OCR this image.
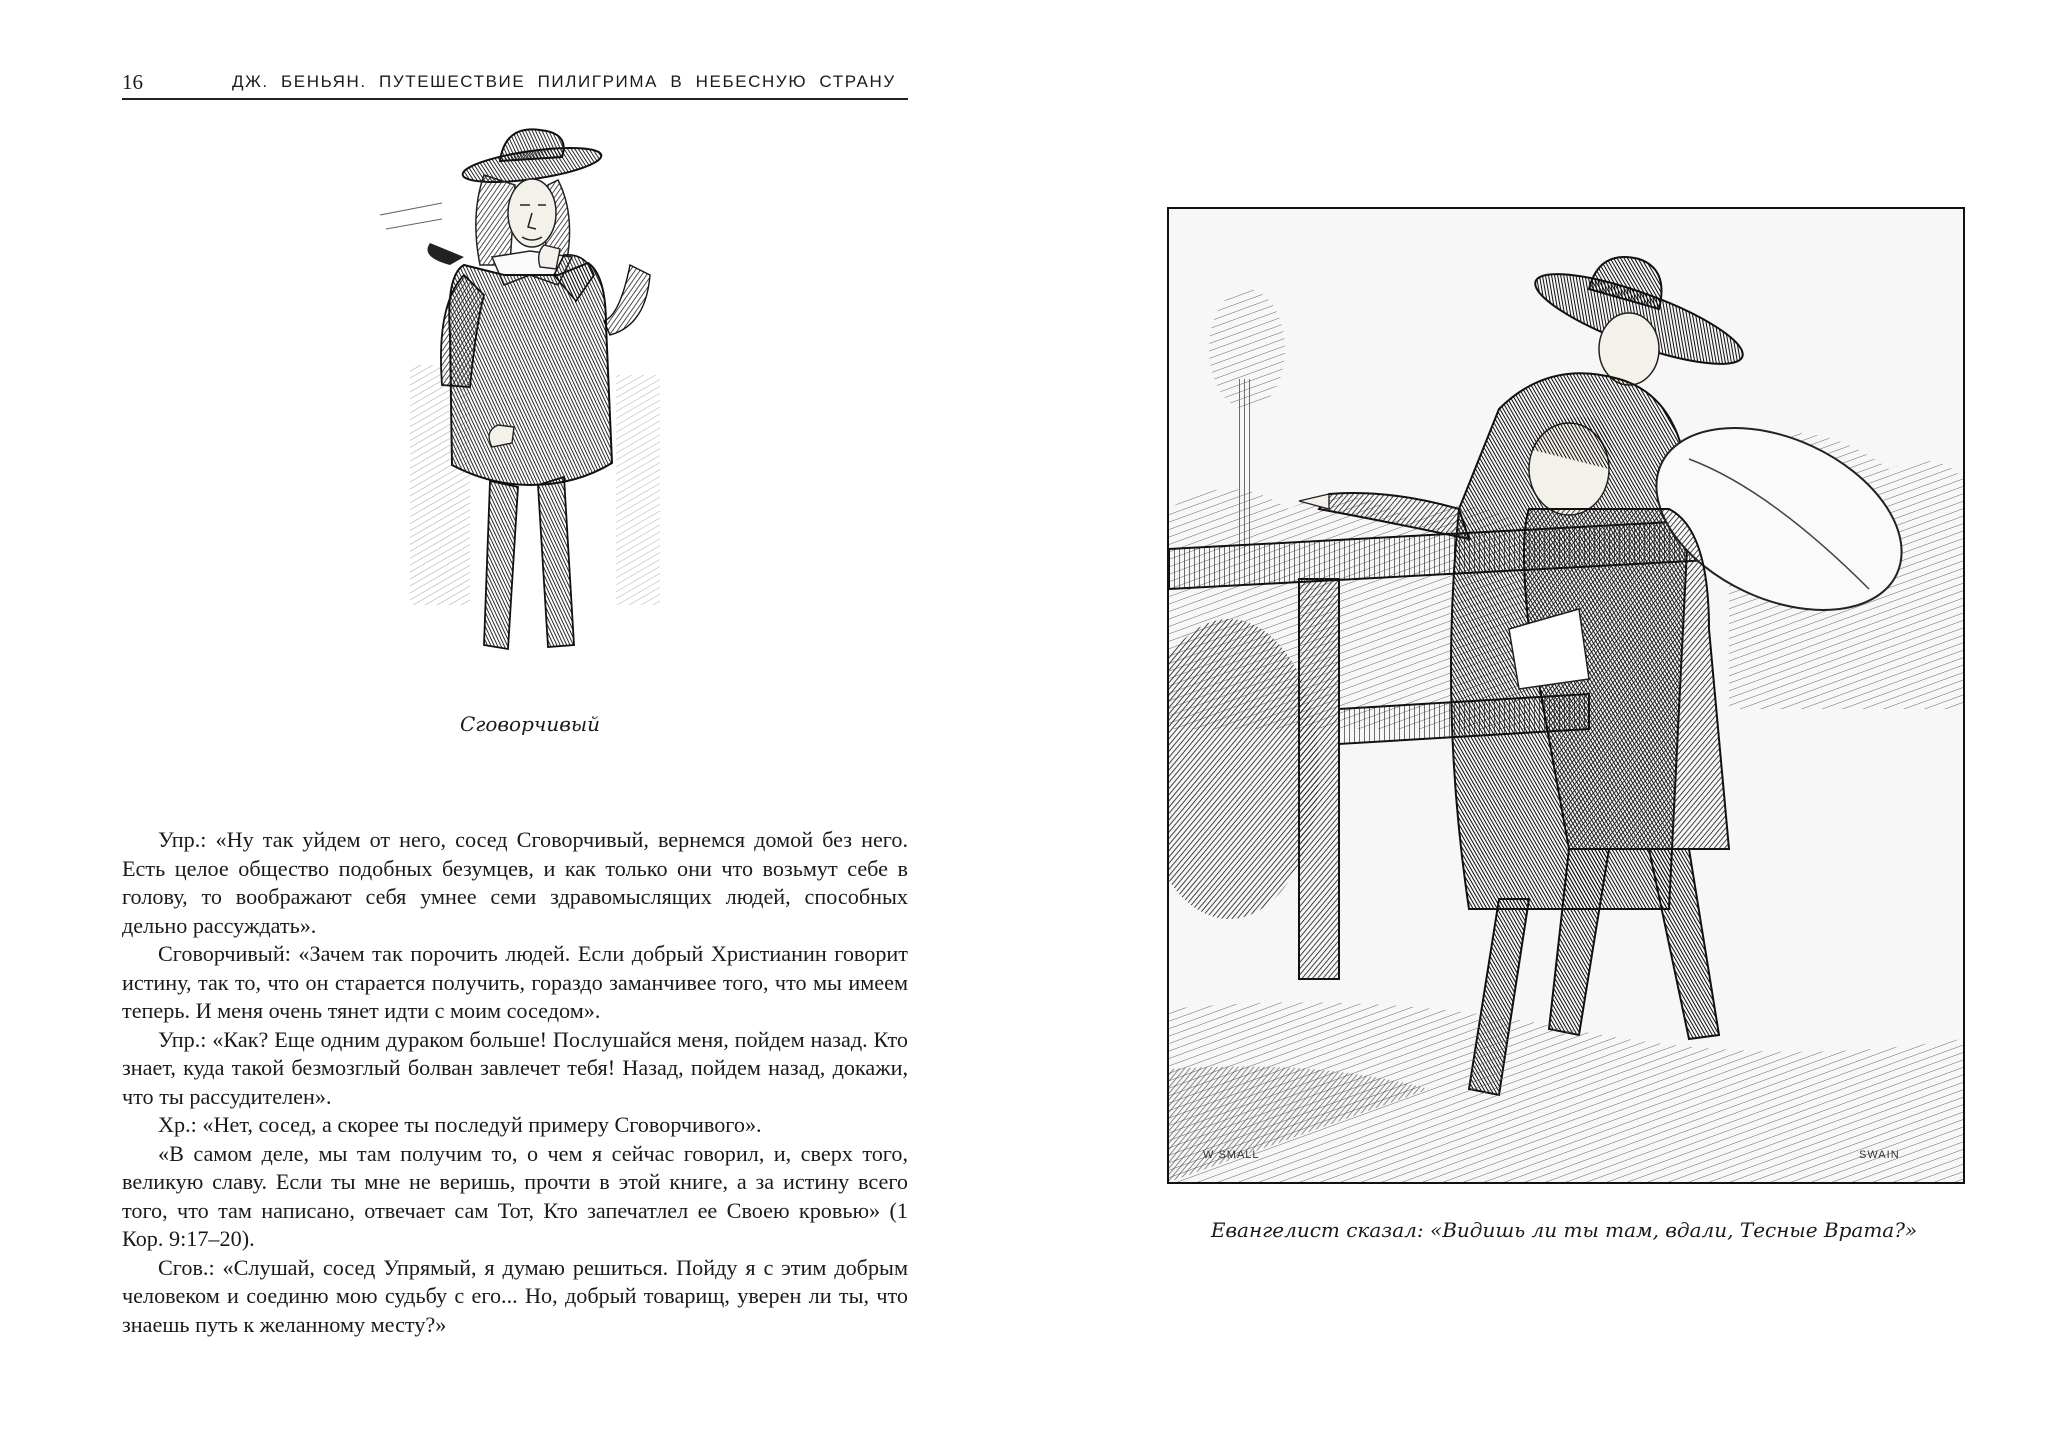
16	ДЖ. БЕНЬЯН. ПУТЕШЕСТВИЕ ПИЛИГРИМА В НЕБЕСНУЮ СТРАНУ
Сговорчивый

Упр.: «Ну так уйдем от него, сосед Сговорчивый, вернемся домой без него. Есть целое общество подобных безумцев, и как только они что возьмут себе в голову, то воображают себя умнее семи здравомыслящих людей, способных дельно рассуждать».

Сговорчивый: «Зачем так порочить людей. Если добрый Христианин говорит истину, так то, что он старается получить, гораздо заманчивее того, что мы имеем теперь. И меня очень тянет идти с моим соседом».

Упр.: «Как? Еще одним дураком больше! Послушайся меня, пойдем назад. Кто знает, куда такой безмозглый болван завлечет тебя! Назад, пойдем назад, докажи, что ты рассудителен».

Хр.: «Нет, сосед, а скорее ты последуй примеру Сговорчивого».

«В самом деле, мы там получим то, о чем я сейчас говорил, и, сверх того, великую славу. Если ты мне не веришь, прочти в этой книге, а за истину всего того, что там написано, отвечает сам Тот, Кто запечатлел ее Своею кровью» (1 Кор. 9:17–20).

Сгов.: «Слушай, сосед Упрямый, я думаю решиться. Пойду я с этим добрым человеком и соединю мою судьбу с его... Но, добрый товарищ, уверен ли ты, что знаешь путь к желанному месту?»

W SMALL	SWAIN
Евангелист сказал: «Видишь ли ты там, вдали, Тесные Врата?»
